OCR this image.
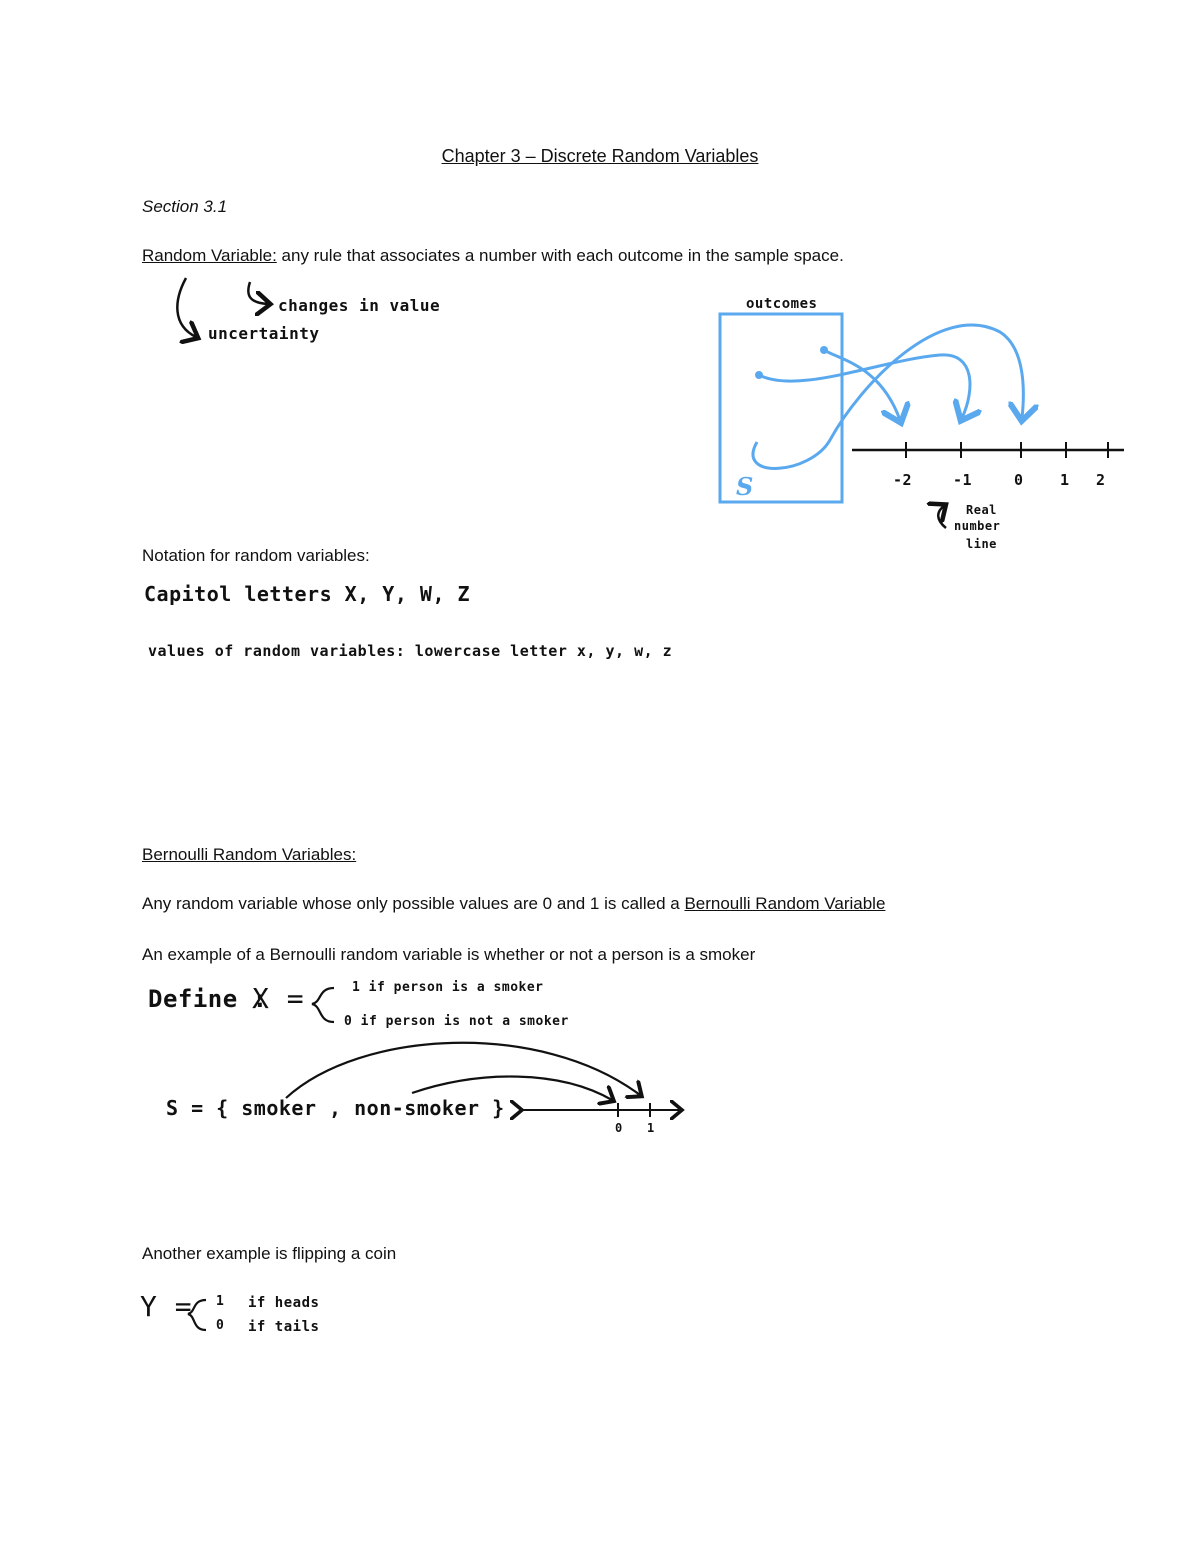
Chapter 3 – Discrete Random Variables
Section 3.1
Random Variable: any rule that associates a number with each outcome in the sample space.
changes in value
uncertainty
outcomes
S	-2	-1	0 1 2
Real
number
line
Notation for random variables:
Capitol letters X, Y, W, Z
values of random variables: lowercase letter x, y, w, z
Bernoulli Random Variables:
Any random variable whose only possible values are 0 and 1 is called a Bernoulli Random Variable
An example of a Bernoulli random variable is whether or not a person is a smoker
Define :
X =	1 if person is a smoker
0 if person is not a smoker
S = { smoker , non-smoker }
0 1
Another example is flipping a coin
Y = 1 if heads
0 if tails
